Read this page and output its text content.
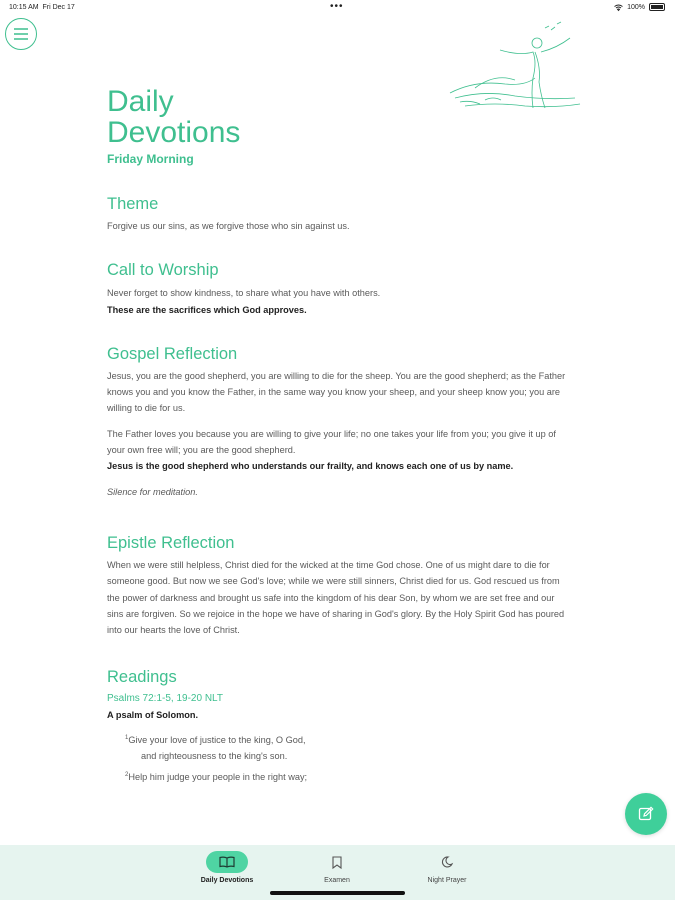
10:15 AM Fri Dec 17	•••	100%
Daily
Devotions
Friday Morning
Theme
Forgive us our sins, as we forgive those who sin against us.
Call to Worship
Never forget to show kindness, to share what you have with others.
These are the sacrifices which God approves.
Gospel Reflection
Jesus, you are the good shepherd, you are willing to die for the sheep. You are the good shepherd; as the Father knows you and you know the Father, in the same way you know your sheep, and your sheep know you; you are willing to die for us.
The Father loves you because you are willing to give your life; no one takes your life from you; you give it up of your own free will; you are the good shepherd.
Jesus is the good shepherd who understands our frailty, and knows each one of us by name.
Silence for meditation.
Epistle Reflection
When we were still helpless, Christ died for the wicked at the time God chose. One of us might dare to die for someone good. But now we see God's love; while we were still sinners, Christ died for us. God rescued us from the power of darkness and brought us safe into the kingdom of his dear Son, by whom we are set free and our sins are forgiven. So we rejoice in the hope we have of sharing in God's glory. By the Holy Spirit God has poured into our hearts the love of Christ.
Readings
Psalms 72:1-5, 19-20 NLT
A psalm of Solomon.
$^1$Give your love of justice to the king, O God,
and righteousness to the king's son.
$^2$Help him judge your people in the right way;
Daily Devotions	Examen	Night Prayer
